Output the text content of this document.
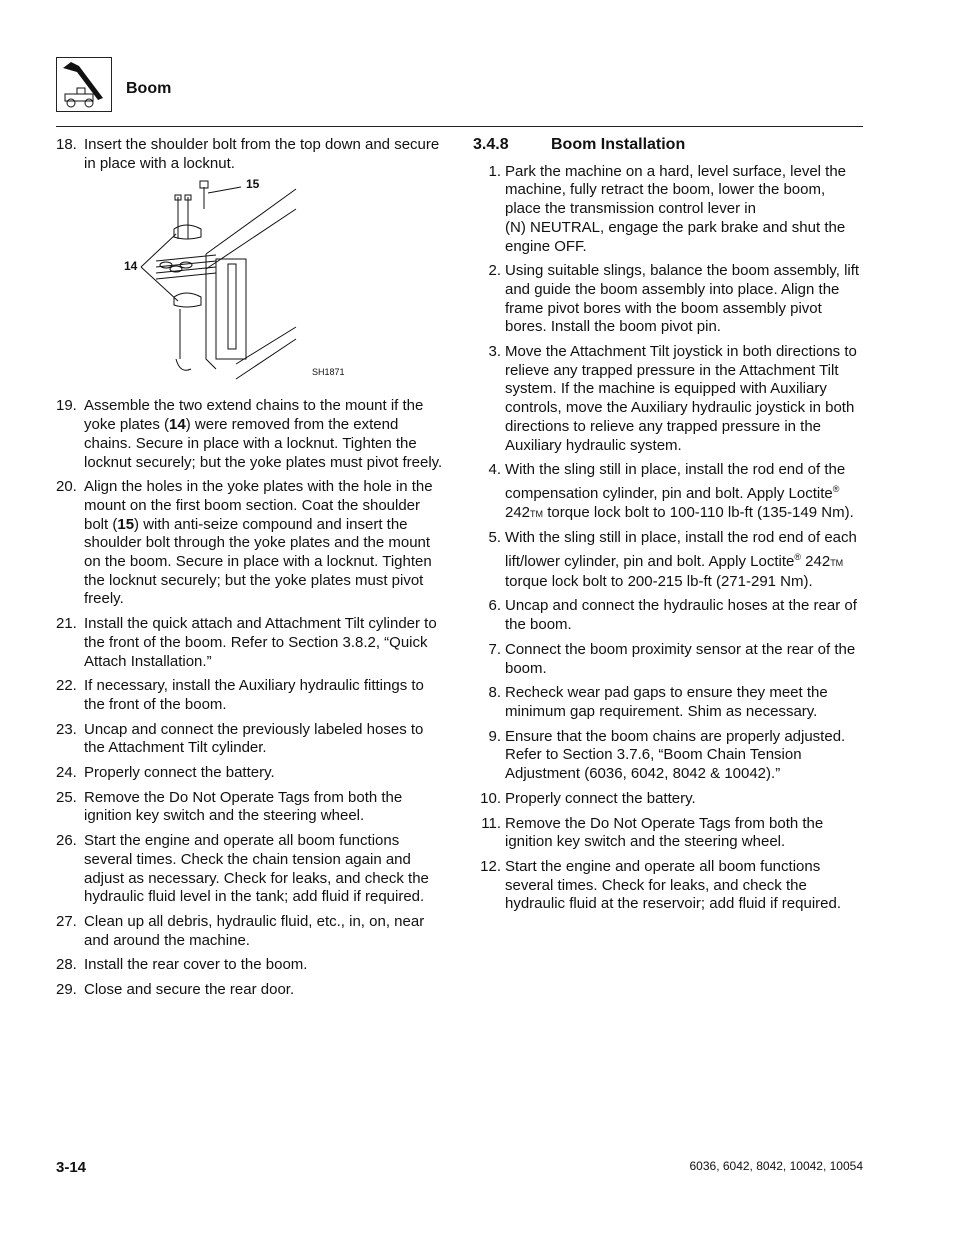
Boom
18. Insert the shoulder bolt from the top down and secure in place with a locknut.
15
14
SH1871
19. Assemble the two extend chains to the mount if the yoke plates (14) were removed from the extend chains. Secure in place with a locknut. Tighten the locknut securely; but the yoke plates must pivot freely.
20. Align the holes in the yoke plates with the hole in the mount on the first boom section. Coat the shoulder bolt (15) with anti-seize compound and insert the shoulder bolt through the yoke plates and the mount on the boom. Secure in place with a locknut. Tighten the locknut securely; but the yoke plates must pivot freely.
21. Install the quick attach and Attachment Tilt cylinder to the front of the boom. Refer to Section 3.8.2, “Quick Attach Installation.”
22. If necessary, install the Auxiliary hydraulic fittings to the front of the boom.
23. Uncap and connect the previously labeled hoses to the Attachment Tilt cylinder.
24. Properly connect the battery.
25. Remove the Do Not Operate Tags from both the ignition key switch and the steering wheel.
26. Start the engine and operate all boom functions several times. Check the chain tension again and adjust as necessary. Check for leaks, and check the hydraulic fluid level in the tank; add fluid if required.
27. Clean up all debris, hydraulic fluid, etc., in, on, near and around the machine.
28. Install the rear cover to the boom.
29. Close and secure the rear door.
3.4.8	Boom Installation
1. Park the machine on a hard, level surface, level the machine, fully retract the boom, lower the boom, place the transmission control lever in
(N) NEUTRAL, engage the park brake and shut the engine OFF.
2. Using suitable slings, balance the boom assembly, lift and guide the boom assembly into place. Align the frame pivot bores with the boom assembly pivot bores. Install the boom pivot pin.
3. Move the Attachment Tilt joystick in both directions to relieve any trapped pressure in the Attachment Tilt system. If the machine is equipped with Auxiliary controls, move the Auxiliary hydraulic joystick in both directions to relieve any trapped pressure in the Auxiliary hydraulic system.
4. With the sling still in place, install the rod end of the compensation cylinder, pin and bolt. Apply Loctite®
242TM torque lock bolt to 100-110 lb-ft (135-149 Nm).
5. With the sling still in place, install the rod end of each lift/lower cylinder, pin and bolt. Apply Loctite® 242TM torque lock bolt to 200-215 lb-ft (271-291 Nm).
6. Uncap and connect the hydraulic hoses at the rear of the boom.
7. Connect the boom proximity sensor at the rear of the boom.
8. Recheck wear pad gaps to ensure they meet the minimum gap requirement. Shim as necessary.
9. Ensure that the boom chains are properly adjusted. Refer to Section 3.7.6, “Boom Chain Tension Adjustment (6036, 6042, 8042 & 10042).”
10. Properly connect the battery.
11. Remove the Do Not Operate Tags from both the ignition key switch and the steering wheel.
12. Start the engine and operate all boom functions several times. Check for leaks, and check the hydraulic fluid at the reservoir; add fluid if required.
3-14	6036, 6042, 8042, 10042, 10054
